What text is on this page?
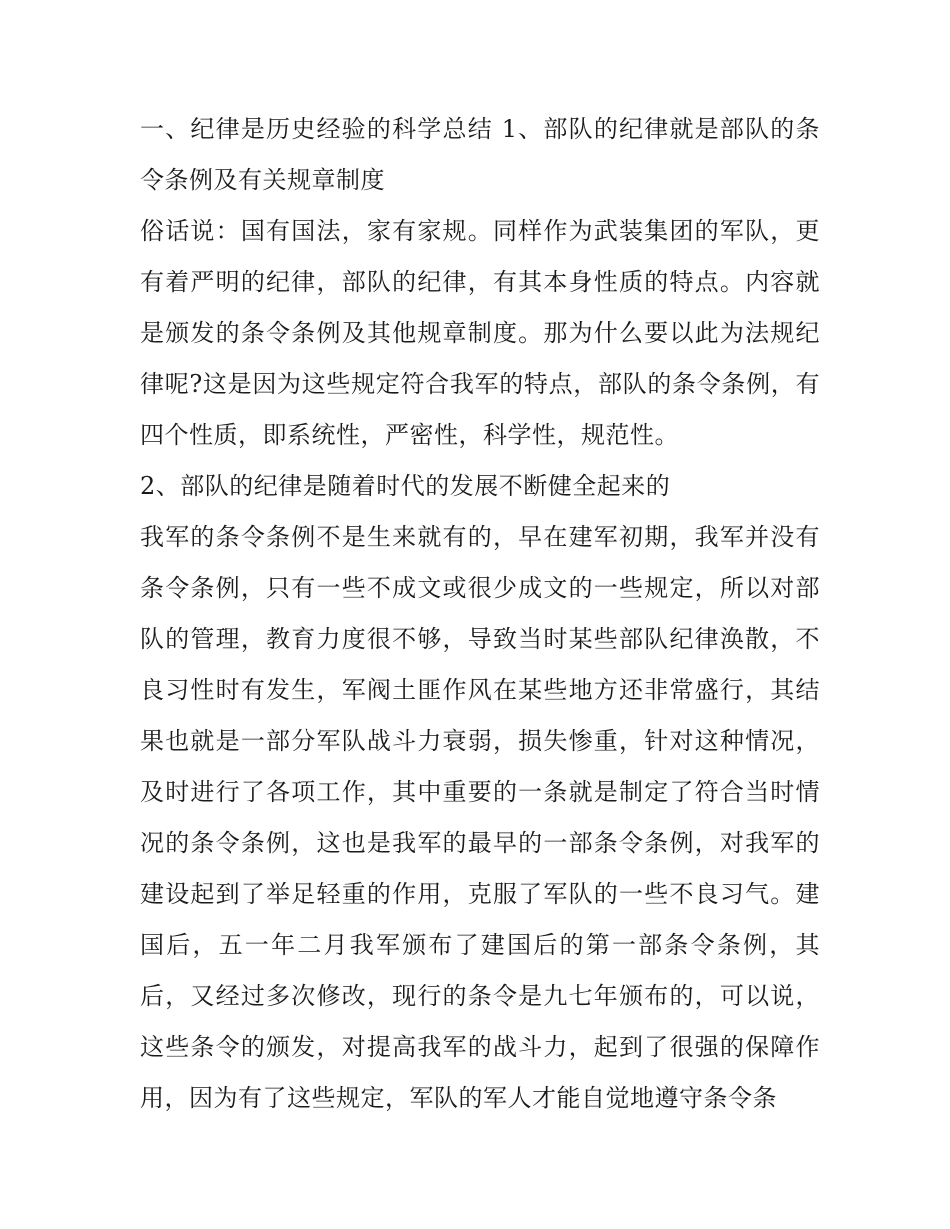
一、纪律是历史经验的科学总结 1、部队的纪律就是部队的条令条例及有关规章制度

俗话说：国有国法，家有家规。同样作为武装集团的军队，更有着严明的纪律，部队的纪律，有其本身性质的特点。内容就是颁发的条令条例及其他规章制度。那为什么要以此为法规纪律呢?这是因为这些规定符合我军的特点，部队的条令条例，有四个性质，即系统性，严密性，科学性，规范性。

2、部队的纪律是随着时代的发展不断健全起来的

我军的条令条例不是生来就有的，早在建军初期，我军并没有条令条例，只有一些不成文或很少成文的一些规定，所以对部队的管理，教育力度很不够，导致当时某些部队纪律涣散，不良习性时有发生，军阀土匪作风在某些地方还非常盛行，其结果也就是一部分军队战斗力衰弱，损失惨重，针对这种情况，及时进行了各项工作，其中重要的一条就是制定了符合当时情况的条令条例，这也是我军的最早的一部条令条例，对我军的建设起到了举足轻重的作用，克服了军队的一些不良习气。建国后，五一年二月我军颁布了建国后的第一部条令条例，其后，又经过多次修改，现行的条令是九七年颁布的，可以说，这些条令的颁发，对提高我军的战斗力，起到了很强的保障作用，因为有了这些规定，军队的军人才能自觉地遵守条令条
